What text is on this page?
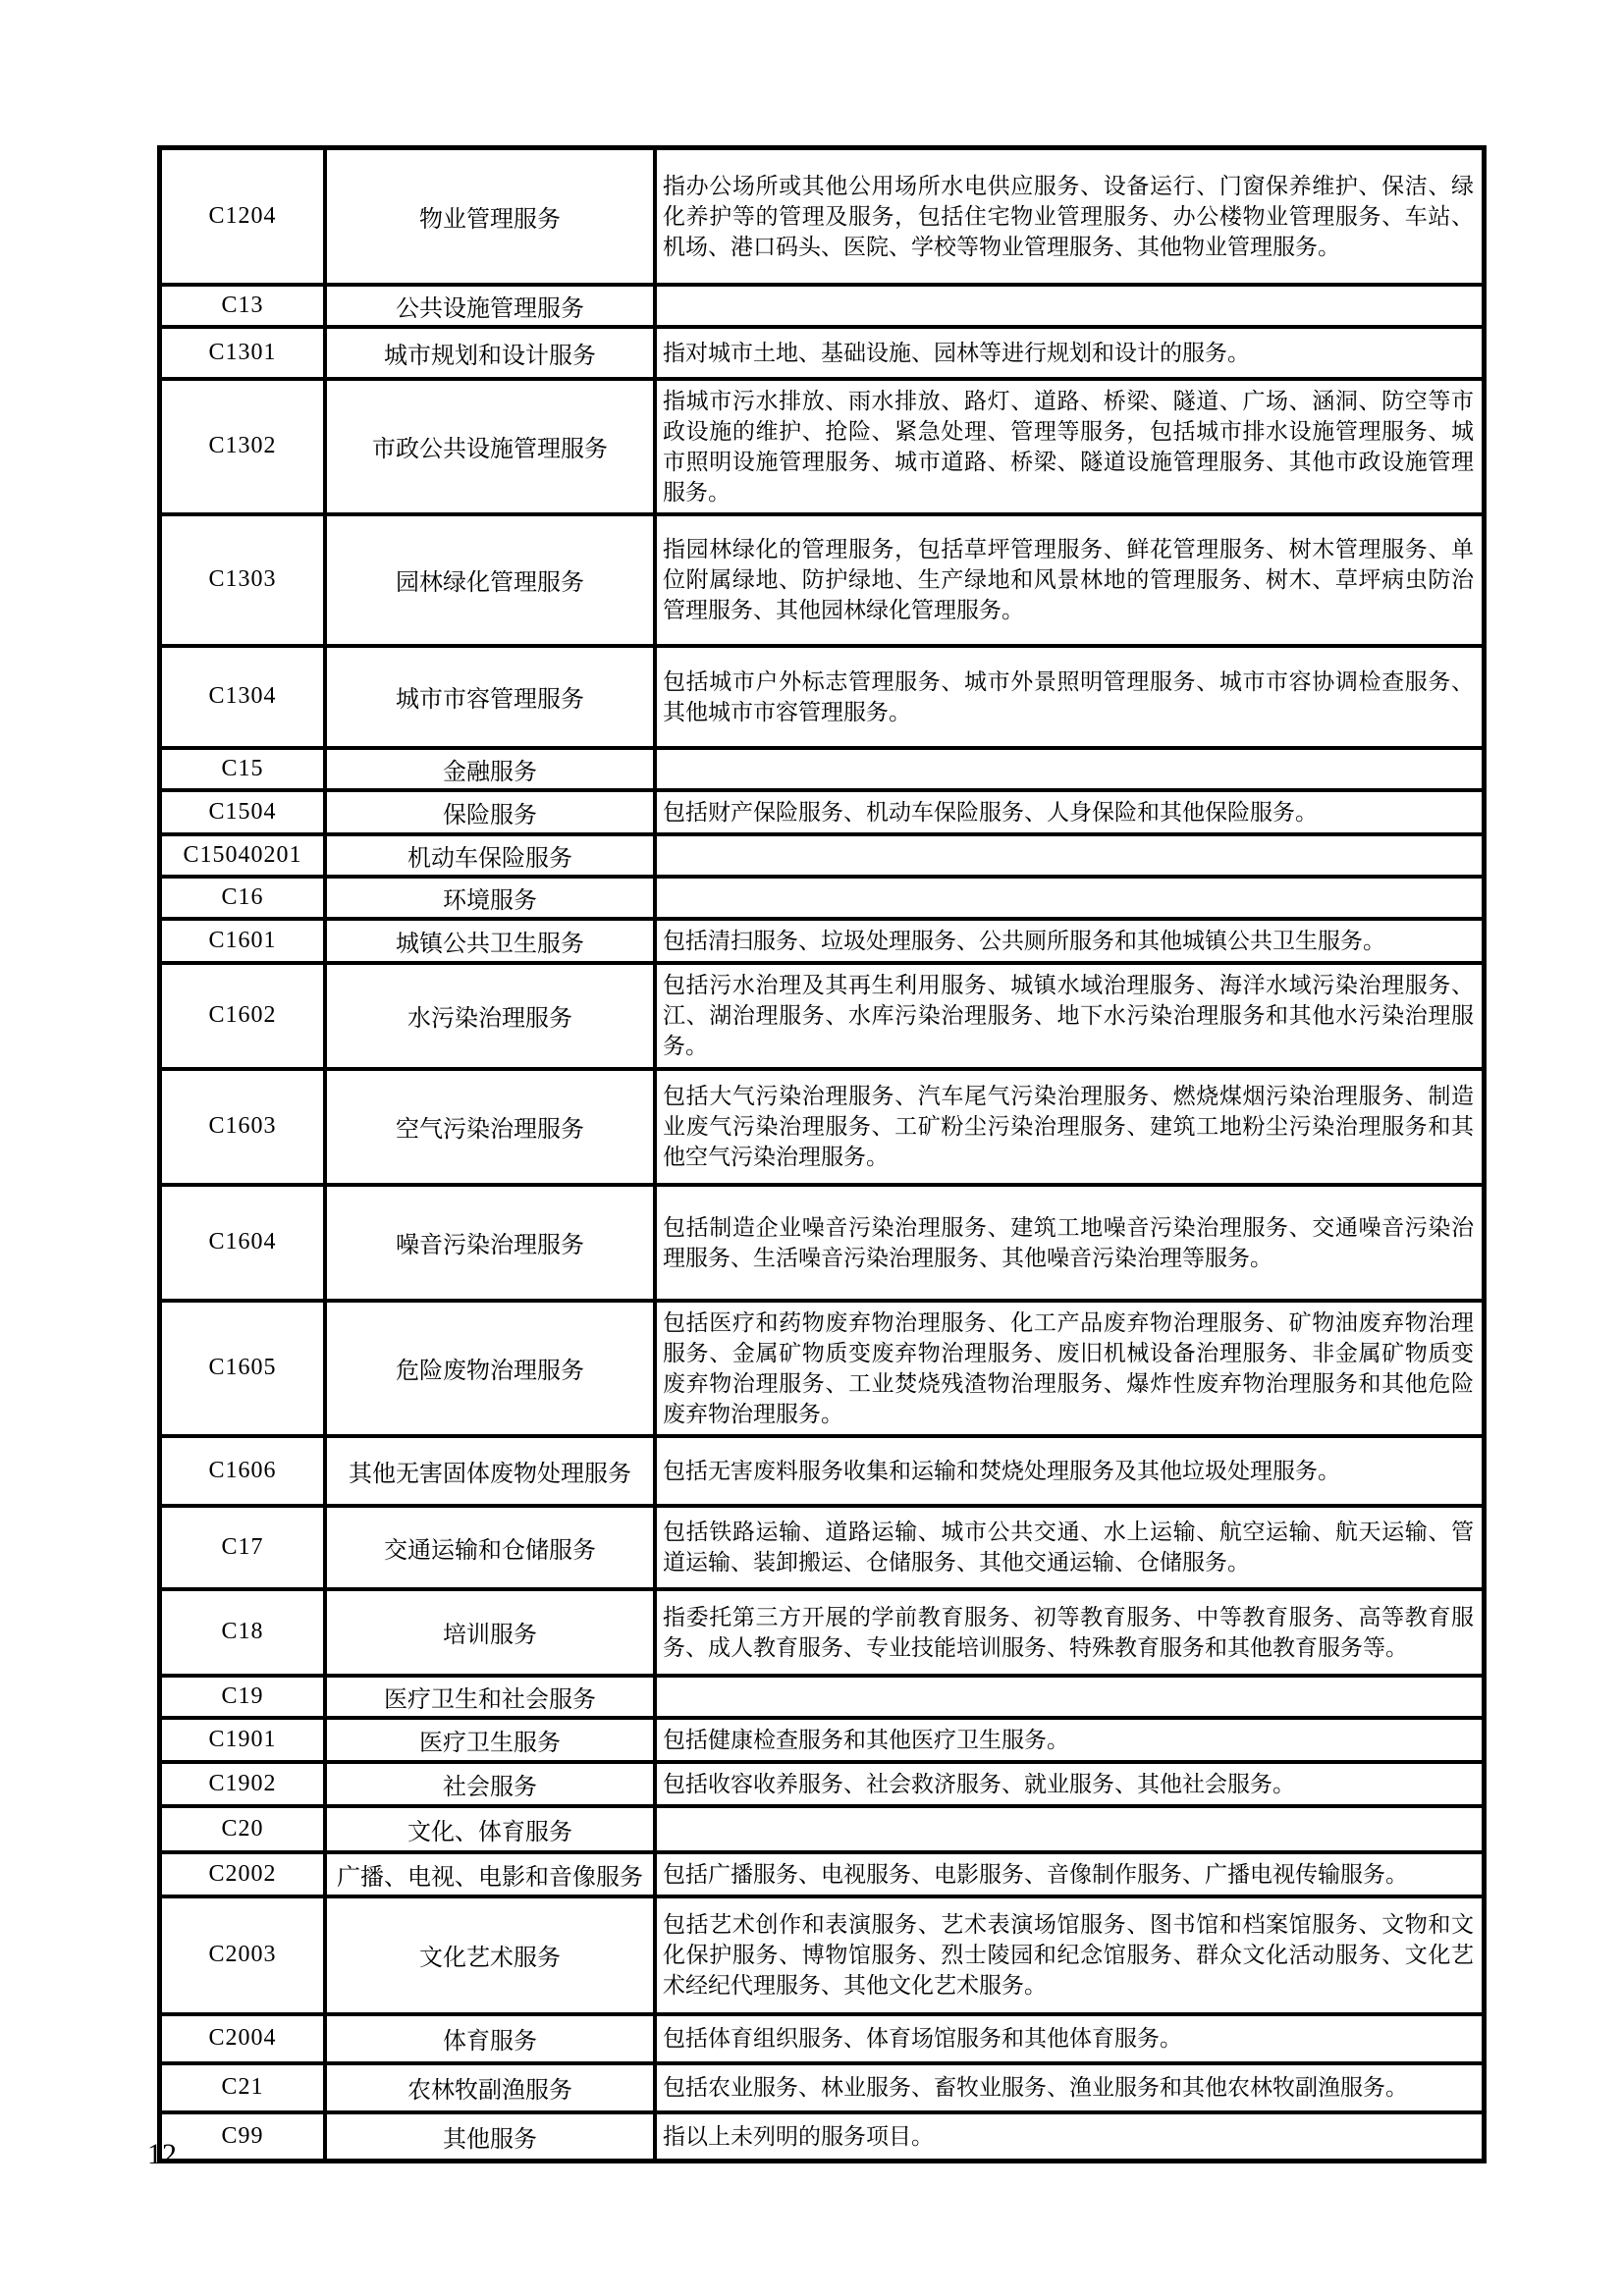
C1204	物业管理服务	指办公场所或其他公用场所水电供应服务、设备运行、门窗保养维护、保洁、绿化养护等的管理及服务，包括住宅物业管理服务、办公楼物业管理服务、车站、机场、港口码头、医院、学校等物业管理服务、其他物业管理服务。
C13	公共设施管理服务	
C1301	城市规划和设计服务	指对城市土地、基础设施、园林等进行规划和设计的服务。
C1302	市政公共设施管理服务	指城市污水排放、雨水排放、路灯、道路、桥梁、隧道、广场、涵洞、防空等市政设施的维护、抢险、紧急处理、管理等服务，包括城市排水设施管理服务、城市照明设施管理服务、城市道路、桥梁、隧道设施管理服务、其他市政设施管理服务。
C1303	园林绿化管理服务	指园林绿化的管理服务，包括草坪管理服务、鲜花管理服务、树木管理服务、单位附属绿地、防护绿地、生产绿地和风景林地的管理服务、树木、草坪病虫防治管理服务、其他园林绿化管理服务。
C1304	城市市容管理服务	包括城市户外标志管理服务、城市外景照明管理服务、城市市容协调检查服务、其他城市市容管理服务。
C15	金融服务	
C1504	保险服务	包括财产保险服务、机动车保险服务、人身保险和其他保险服务。
C15040201	机动车保险服务	
C16	环境服务	
C1601	城镇公共卫生服务	包括清扫服务、垃圾处理服务、公共厕所服务和其他城镇公共卫生服务。
C1602	水污染治理服务	包括污水治理及其再生利用服务、城镇水域治理服务、海洋水域污染治理服务、江、湖治理服务、水库污染治理服务、地下水污染治理服务和其他水污染治理服务。
C1603	空气污染治理服务	包括大气污染治理服务、汽车尾气污染治理服务、燃烧煤烟污染治理服务、制造业废气污染治理服务、工矿粉尘污染治理服务、建筑工地粉尘污染治理服务和其他空气污染治理服务。
C1604	噪音污染治理服务	包括制造企业噪音污染治理服务、建筑工地噪音污染治理服务、交通噪音污染治理服务、生活噪音污染治理服务、其他噪音污染治理等服务。
C1605	危险废物治理服务	包括医疗和药物废弃物治理服务、化工产品废弃物治理服务、矿物油废弃物治理服务、金属矿物质变废弃物治理服务、废旧机械设备治理服务、非金属矿物质变废弃物治理服务、工业焚烧残渣物治理服务、爆炸性废弃物治理服务和其他危险废弃物治理服务。
C1606	其他无害固体废物处理服务	包括无害废料服务收集和运输和焚烧处理服务及其他垃圾处理服务。
C17	交通运输和仓储服务	包括铁路运输、道路运输、城市公共交通、水上运输、航空运输、航天运输、管道运输、装卸搬运、仓储服务、其他交通运输、仓储服务。
C18	培训服务	指委托第三方开展的学前教育服务、初等教育服务、中等教育服务、高等教育服务、成人教育服务、专业技能培训服务、特殊教育服务和其他教育服务等。
C19	医疗卫生和社会服务	
C1901	医疗卫生服务	包括健康检查服务和其他医疗卫生服务。
C1902	社会服务	包括收容收养服务、社会救济服务、就业服务、其他社会服务。
C20	文化、体育服务	
C2002	广播、电视、电影和音像服务	包括广播服务、电视服务、电影服务、音像制作服务、广播电视传输服务。
C2003	文化艺术服务	包括艺术创作和表演服务、艺术表演场馆服务、图书馆和档案馆服务、文物和文化保护服务、博物馆服务、烈士陵园和纪念馆服务、群众文化活动服务、文化艺术经纪代理服务、其他文化艺术服务。
C2004	体育服务	包括体育组织服务、体育场馆服务和其他体育服务。
C21	农林牧副渔服务	包括农业服务、林业服务、畜牧业服务、渔业服务和其他农林牧副渔服务。
C99	其他服务	指以上未列明的服务项目。
12
